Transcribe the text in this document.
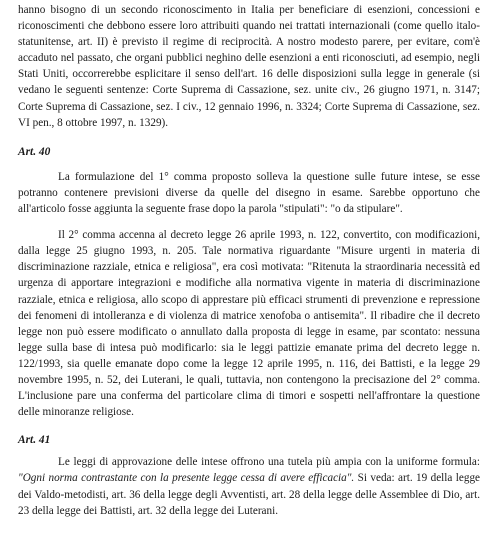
hanno bisogno di un secondo riconoscimento in Italia per beneficiare di esenzioni, concessioni e riconoscimenti che debbono essere loro attribuiti quando nei trattati internazionali (come quello italo-statunitense, art. II) è previsto il regime di reciprocità. A nostro modesto parere, per evitare, com'è accaduto nel passato, che organi pubblici neghino delle esenzioni a enti riconosciuti, ad esempio, negli Stati Uniti, occorrerebbe esplicitare il senso dell'art. 16 delle disposizioni sulla legge in generale (si vedano le seguenti sentenze: Corte Suprema di Cassazione, sez. unite civ., 26 giugno 1971, n. 3147; Corte Suprema di Cassazione, sez. I civ., 12 gennaio 1996, n. 3324; Corte Suprema di Cassazione, sez. VI pen., 8 ottobre 1997, n. 1329).

Art. 40

La formulazione del 1° comma proposto solleva la questione sulle future intese, se esse potranno contenere previsioni diverse da quelle del disegno in esame. Sarebbe opportuno che all'articolo fosse aggiunta la seguente frase dopo la parola "stipulati": "o da stipulare".

Il 2° comma accenna al decreto legge 26 aprile 1993, n. 122, convertito, con modificazioni, dalla legge 25 giugno 1993, n. 205. Tale normativa riguardante "Misure urgenti in materia di discriminazione razziale, etnica e religiosa", era così motivata: "Ritenuta la straordinaria necessità ed urgenza di apportare integrazioni e modifiche alla normativa vigente in materia di discriminazione razziale, etnica e religiosa, allo scopo di apprestare più efficaci strumenti di prevenzione e repressione dei fenomeni di intolleranza e di violenza di matrice xenofoba o antisemita". Il ribadire che il decreto legge non può essere modificato o annullato dalla proposta di legge in esame, par scontato: nessuna legge sulla base di intesa può modificarlo: sia le leggi pattizie emanate prima del decreto legge n. 122/1993, sia quelle emanate dopo come la legge 12 aprile 1995, n. 116, dei Battisti, e la legge 29 novembre 1995, n. 52, dei Luterani, le quali, tuttavia, non contengono la precisazione del 2° comma. L'inclusione pare una conferma del particolare clima di timori e sospetti nell'affrontare la questione delle minoranze religiose.

Art. 41

Le leggi di approvazione delle intese offrono una tutela più ampia con la uniforme formula: "Ogni norma contrastante con la presente legge cessa di avere efficacia". Si veda: art. 19 della legge dei Valdo-metodisti, art. 36 della legge degli Avventisti, art. 28 della legge delle Assemblee di Dio, art. 23 della legge dei Battisti, art. 32 della legge dei Luterani.
